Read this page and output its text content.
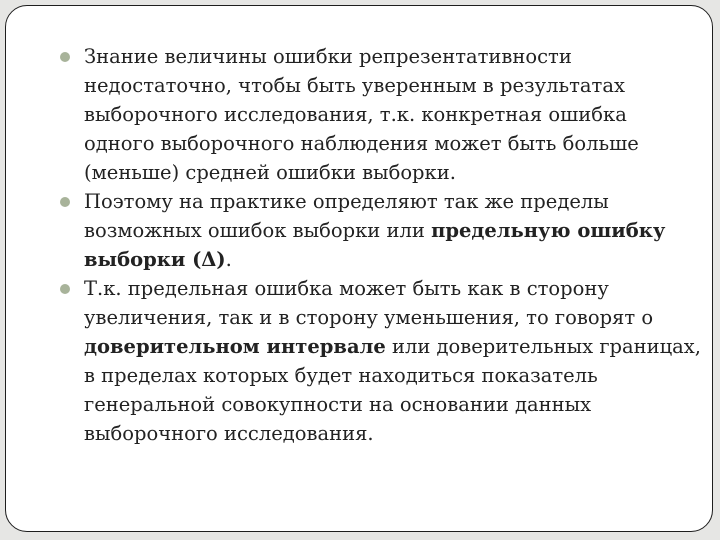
Знание величины ошибки репрезентативности недостаточно, чтобы быть уверенным в результатах выборочного исследования, т.к. конкретная ошибка одного выборочного наблюдения может быть больше (меньше) средней ошибки выборки.
Поэтому на практике определяют так же пределы возможных ошибок выборки или предельную ошибку выборки (Δ).
Т.к. предельная ошибка может быть как в сторону увеличения, так и в сторону уменьшения, то говорят о доверительном интервале или доверительных границах, в пределах которых будет находиться показатель генеральной совокупности на основании данных выборочного исследования.
